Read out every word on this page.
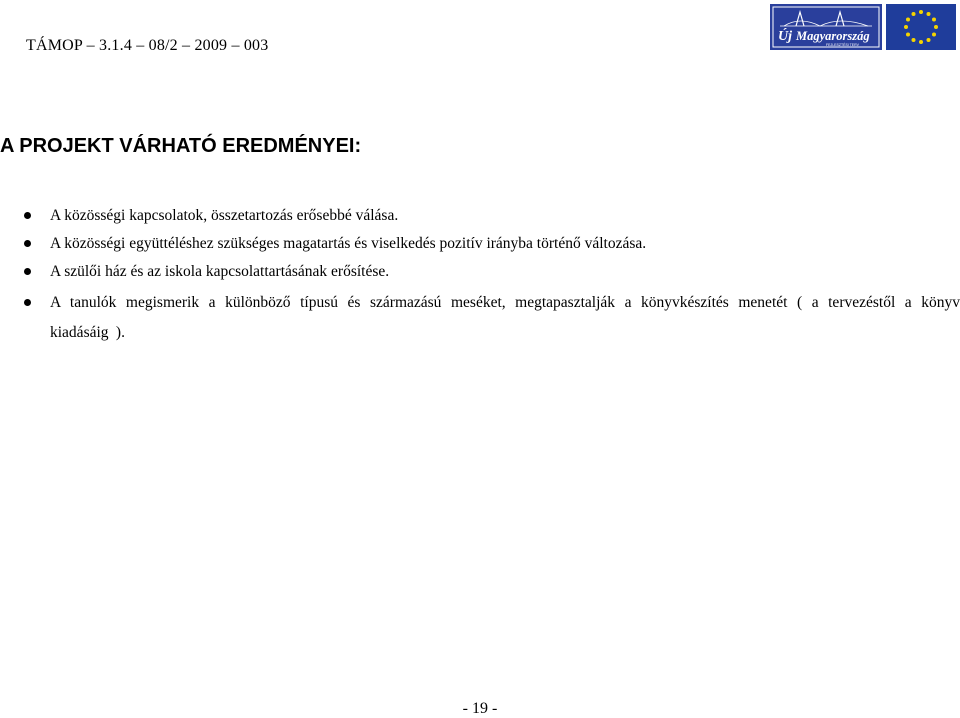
TÁMOP – 3.1.4 – 08/2 – 2009 – 003
Új Magyarország
FEJLESZTÉSI TERV
A PROJEKT VÁRHATÓ EREDMÉNYEI:
A közösségi kapcsolatok, összetartozás erősebbé válása.
A közösségi együttéléshez szükséges magatartás és viselkedés pozitív irányba történő változása.
A szülői ház és az iskola kapcsolattartásának erősítése.
A tanulók megismerik a különböző típusú és származású meséket, megtapasztalják a könyvkészítés menetét ( a tervezéstől a könyv kiadásáig ).
- 19 -
